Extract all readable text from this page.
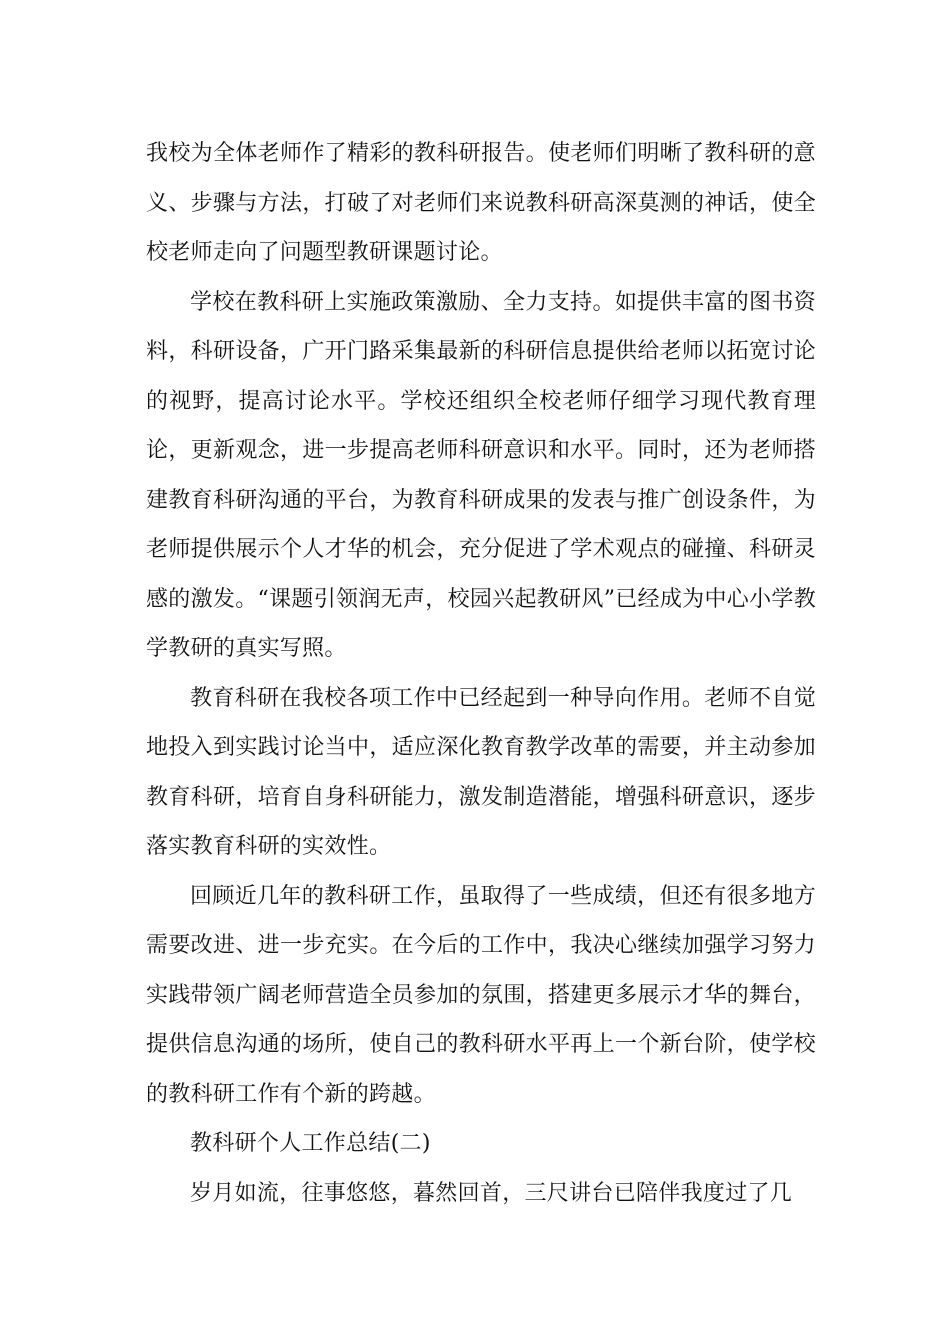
我校为全体老师作了精彩的教科研报告。使老师们明晰了教科研的意义、步骤与方法，打破了对老师们来说教科研高深莫测的神话，使全校老师走向了问题型教研课题讨论。

学校在教科研上实施政策激励、全力支持。如提供丰富的图书资料，科研设备，广开门路采集最新的科研信息提供给老师以拓宽讨论的视野，提高讨论水平。学校还组织全校老师仔细学习现代教育理论，更新观念，进一步提高老师科研意识和水平。同时，还为老师搭建教育科研沟通的平台，为教育科研成果的发表与推广创设条件，为老师提供展示个人才华的机会，充分促进了学术观点的碰撞、科研灵感的激发。“课题引领润无声，校园兴起教研风”已经成为中心小学教学教研的真实写照。

教育科研在我校各项工作中已经起到一种导向作用。老师不自觉地投入到实践讨论当中，适应深化教育教学改革的需要，并主动参加教育科研，培育自身科研能力，激发制造潜能，增强科研意识，逐步落实教育科研的实效性。

回顾近几年的教科研工作，虽取得了一些成绩，但还有很多地方需要改进、进一步充实。在今后的工作中，我决心继续加强学习努力实践带领广阔老师营造全员参加的氛围，搭建更多展示才华的舞台，提供信息沟通的场所，使自己的教科研水平再上一个新台阶，使学校的教科研工作有个新的跨越。

教科研个人工作总结(二)

岁月如流，往事悠悠，暮然回首，三尺讲台已陪伴我度过了几
